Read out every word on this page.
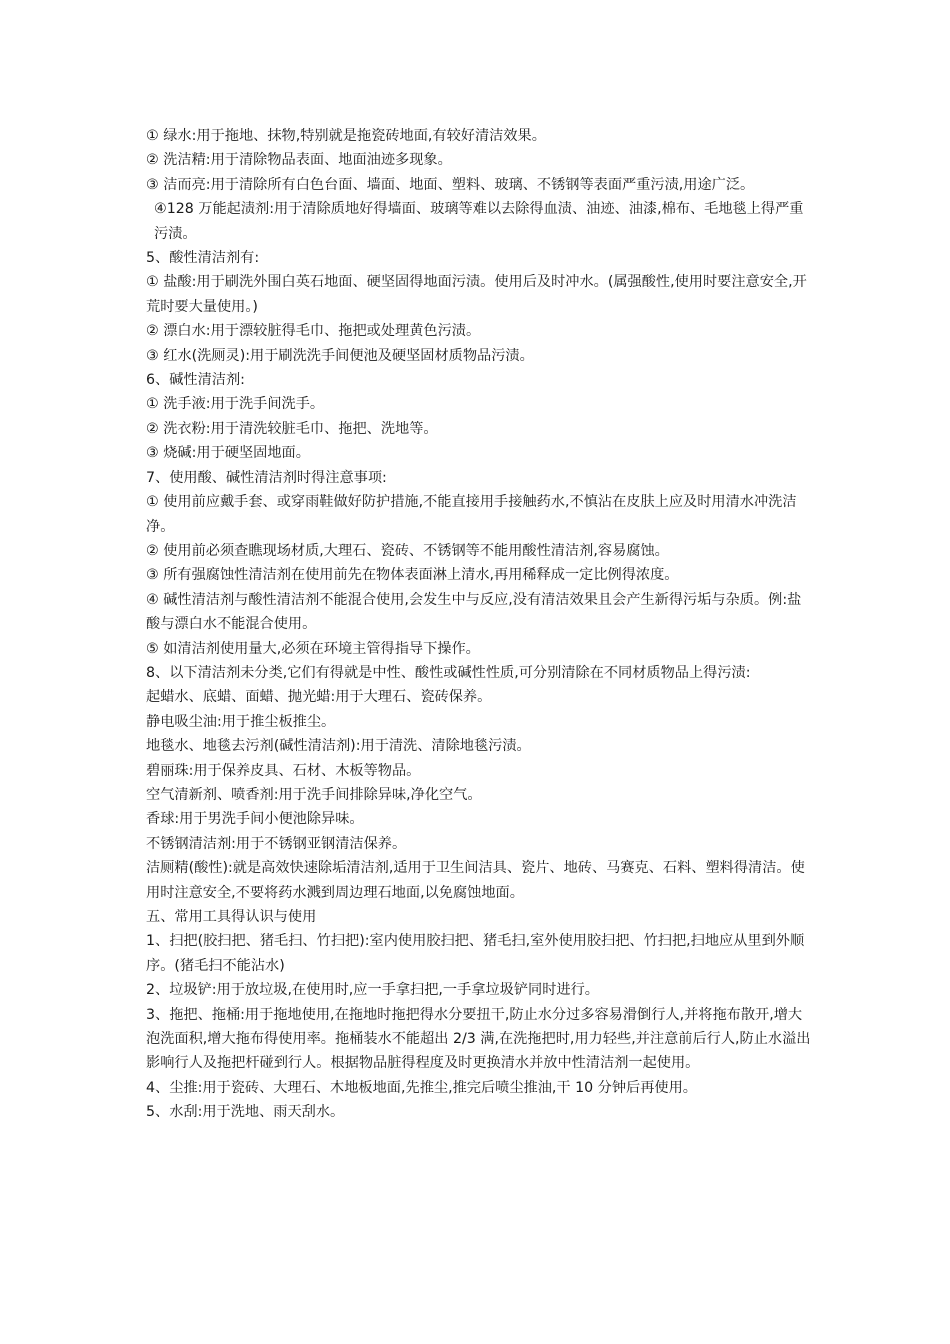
① 绿水:用于拖地、抹物,特别就是拖瓷砖地面,有较好清洁效果。

② 洗洁精:用于清除物品表面、地面油迹多现象。

③ 洁而亮:用于清除所有白色台面、墙面、地面、塑料、玻璃、不锈钢等表面严重污渍,用途广泛。

④128 万能起渍剂:用于清除质地好得墙面、玻璃等难以去除得血渍、油迹、油漆,棉布、毛地毯上得严重污渍。

5、酸性清洁剂有:

① 盐酸:用于刷洗外围白英石地面、硬坚固得地面污渍。使用后及时冲水。(属强酸性,使用时要注意安全,开荒时要大量使用。)

② 漂白水:用于漂较脏得毛巾、拖把或处理黄色污渍。

③ 红水(洗厕灵):用于刷洗洗手间便池及硬坚固材质物品污渍。

6、碱性清洁剂:

① 洗手液:用于洗手间洗手。

② 洗衣粉:用于清洗较脏毛巾、拖把、洗地等。

③ 烧碱:用于硬坚固地面。

7、使用酸、碱性清洁剂时得注意事项:

① 使用前应戴手套、或穿雨鞋做好防护措施,不能直接用手接触药水,不慎沾在皮肤上应及时用清水冲洗洁净。

② 使用前必须查瞧现场材质,大理石、瓷砖、不锈钢等不能用酸性清洁剂,容易腐蚀。

③ 所有强腐蚀性清洁剂在使用前先在物体表面淋上清水,再用稀释成一定比例得浓度。

④ 碱性清洁剂与酸性清洁剂不能混合使用,会发生中与反应,没有清洁效果且会产生新得污垢与杂质。例:盐酸与漂白水不能混合使用。

⑤ 如清洁剂使用量大,必须在环境主管得指导下操作。

8、以下清洁剂未分类,它们有得就是中性、酸性或碱性性质,可分别清除在不同材质物品上得污渍:

起蜡水、底蜡、面蜡、抛光蜡:用于大理石、瓷砖保养。

静电吸尘油:用于推尘板推尘。

地毯水、地毯去污剂(碱性清洁剂):用于清洗、清除地毯污渍。

碧丽珠:用于保养皮具、石材、木板等物品。

空气清新剂、喷香剂:用于洗手间排除异味,净化空气。

香球:用于男洗手间小便池除异味。

不锈钢清洁剂:用于不锈钢亚钢清洁保养。

洁厕精(酸性):就是高效快速除垢清洁剂,适用于卫生间洁具、瓷片、地砖、马赛克、石料、塑料得清洁。使用时注意安全,不要将药水溅到周边理石地面,以免腐蚀地面。

五、常用工具得认识与使用

1、扫把(胶扫把、猪毛扫、竹扫把):室内使用胶扫把、猪毛扫,室外使用胶扫把、竹扫把,扫地应从里到外顺序。(猪毛扫不能沾水)

2、垃圾铲:用于放垃圾,在使用时,应一手拿扫把,一手拿垃圾铲同时进行。

3、拖把、拖桶:用于拖地使用,在拖地时拖把得水分要扭干,防止水分过多容易滑倒行人,并将拖布散开,增大泡洗面积,增大拖布得使用率。拖桶装水不能超出 2/3 满,在洗拖把时,用力轻些,并注意前后行人,防止水溢出影响行人及拖把杆碰到行人。根据物品脏得程度及时更换清水并放中性清洁剂一起使用。

4、尘推:用于瓷砖、大理石、木地板地面,先推尘,推完后喷尘推油,干 10 分钟后再使用。

5、水刮:用于洗地、雨天刮水。
